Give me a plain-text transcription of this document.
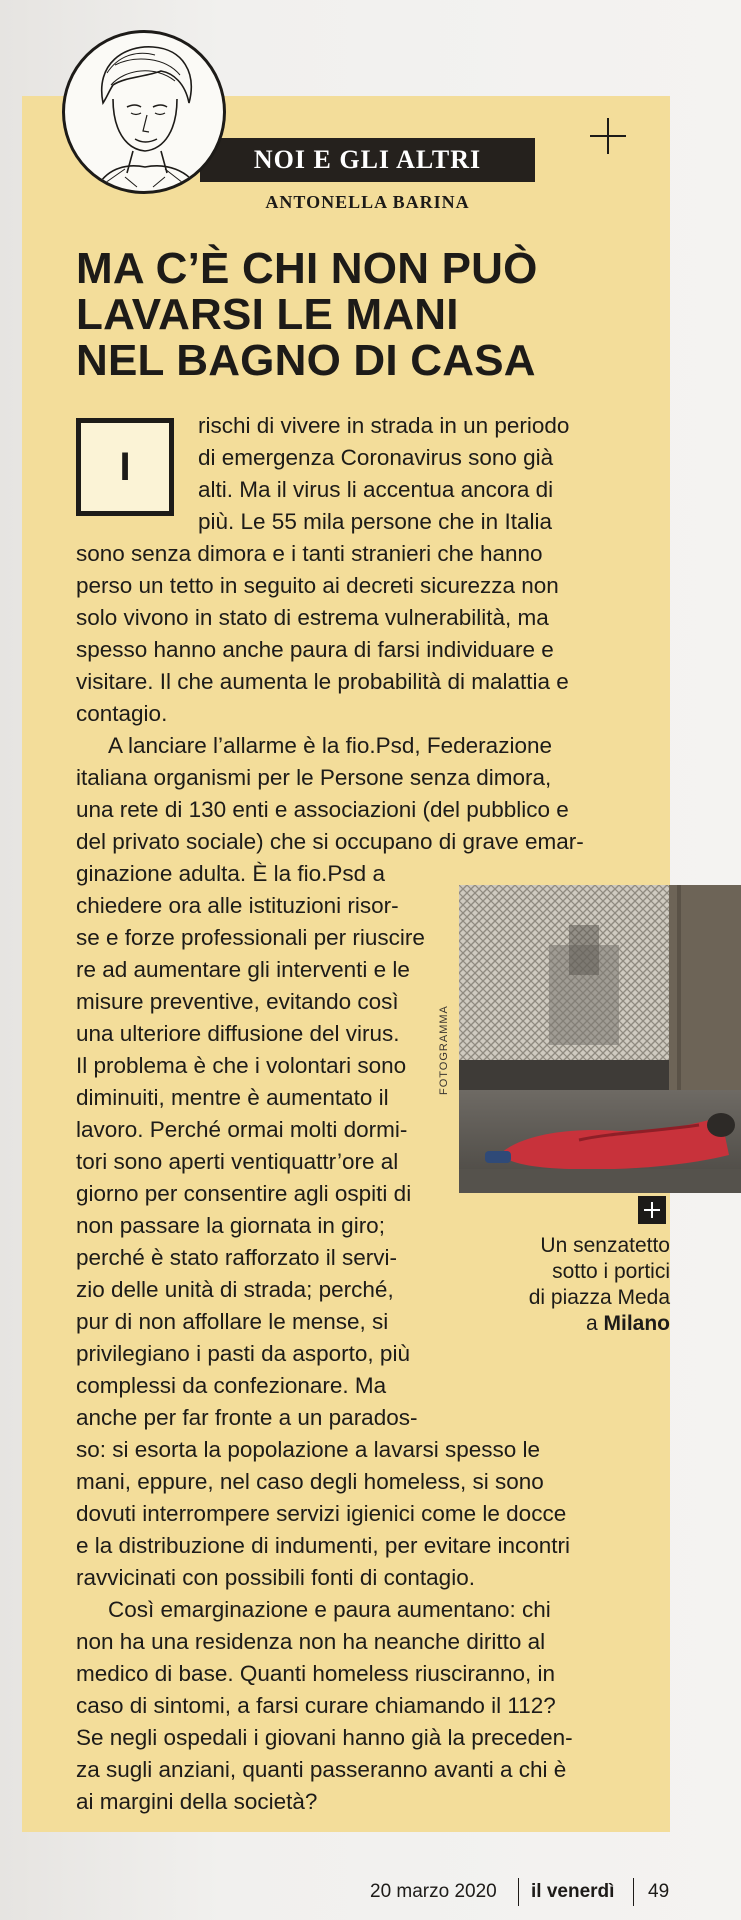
NOI E GLI ALTRI
ANTONELLA BARINA
MA C’È CHI NON PUÒ
LAVARSI LE MANI
NEL BAGNO DI CASA
I
rischi di vivere in strada in un periodo
di emergenza Coronavirus sono già
alti. Ma il virus li accentua ancora di
più. Le 55 mila persone che in Italia
sono senza dimora e i tanti stranieri che hanno
perso un tetto in seguito ai decreti sicurezza non
solo vivono in stato di estrema vulnerabilità, ma
spesso hanno anche paura di farsi individuare e
visitare. Il che aumenta le probabilità di malattia e
contagio.
A lanciare l’allarme è la fio.Psd, Federazione
italiana organismi per le Persone senza dimora,
una rete di 130 enti e associazioni (del pubblico e
del privato sociale) che si occupano di grave emar-
ginazione adulta. È la fio.Psd a
chiedere ora alle istituzioni risor-
se e forze professionali per riuscire
re ad aumentare gli interventi e le
misure preventive, evitando così
una ulteriore diffusione del virus.
Il problema è che i volontari sono
diminuiti, mentre è aumentato il
lavoro. Perché ormai molti dormi-
tori sono aperti ventiquattr’ore al
giorno per consentire agli ospiti di
non passare la giornata in giro;
perché è stato rafforzato il servi-
zio delle unità di strada; perché,
pur di non affollare le mense, si
privilegiano i pasti da asporto, più
complessi da confezionare. Ma
anche per far fronte a un parados-
so: si esorta la popolazione a lavarsi spesso le
mani, eppure, nel caso degli homeless, si sono
dovuti interrompere servizi igienici come le docce
e la distribuzione di indumenti, per evitare incontri
ravvicinati con possibili fonti di contagio.
Così emarginazione e paura aumentano: chi
non ha una residenza non ha neanche diritto al
medico di base. Quanti homeless riusciranno, in
caso di sintomi, a farsi curare chiamando il 112?
Se negli ospedali i giovani hanno già la preceden-
za sugli anziani, quanti passeranno avanti a chi è
ai margini della società?
FOTOGRAMMA
Un senzatetto
sotto i portici
di piazza Meda
a Milano
20 marzo 2020 il venerdì 49
